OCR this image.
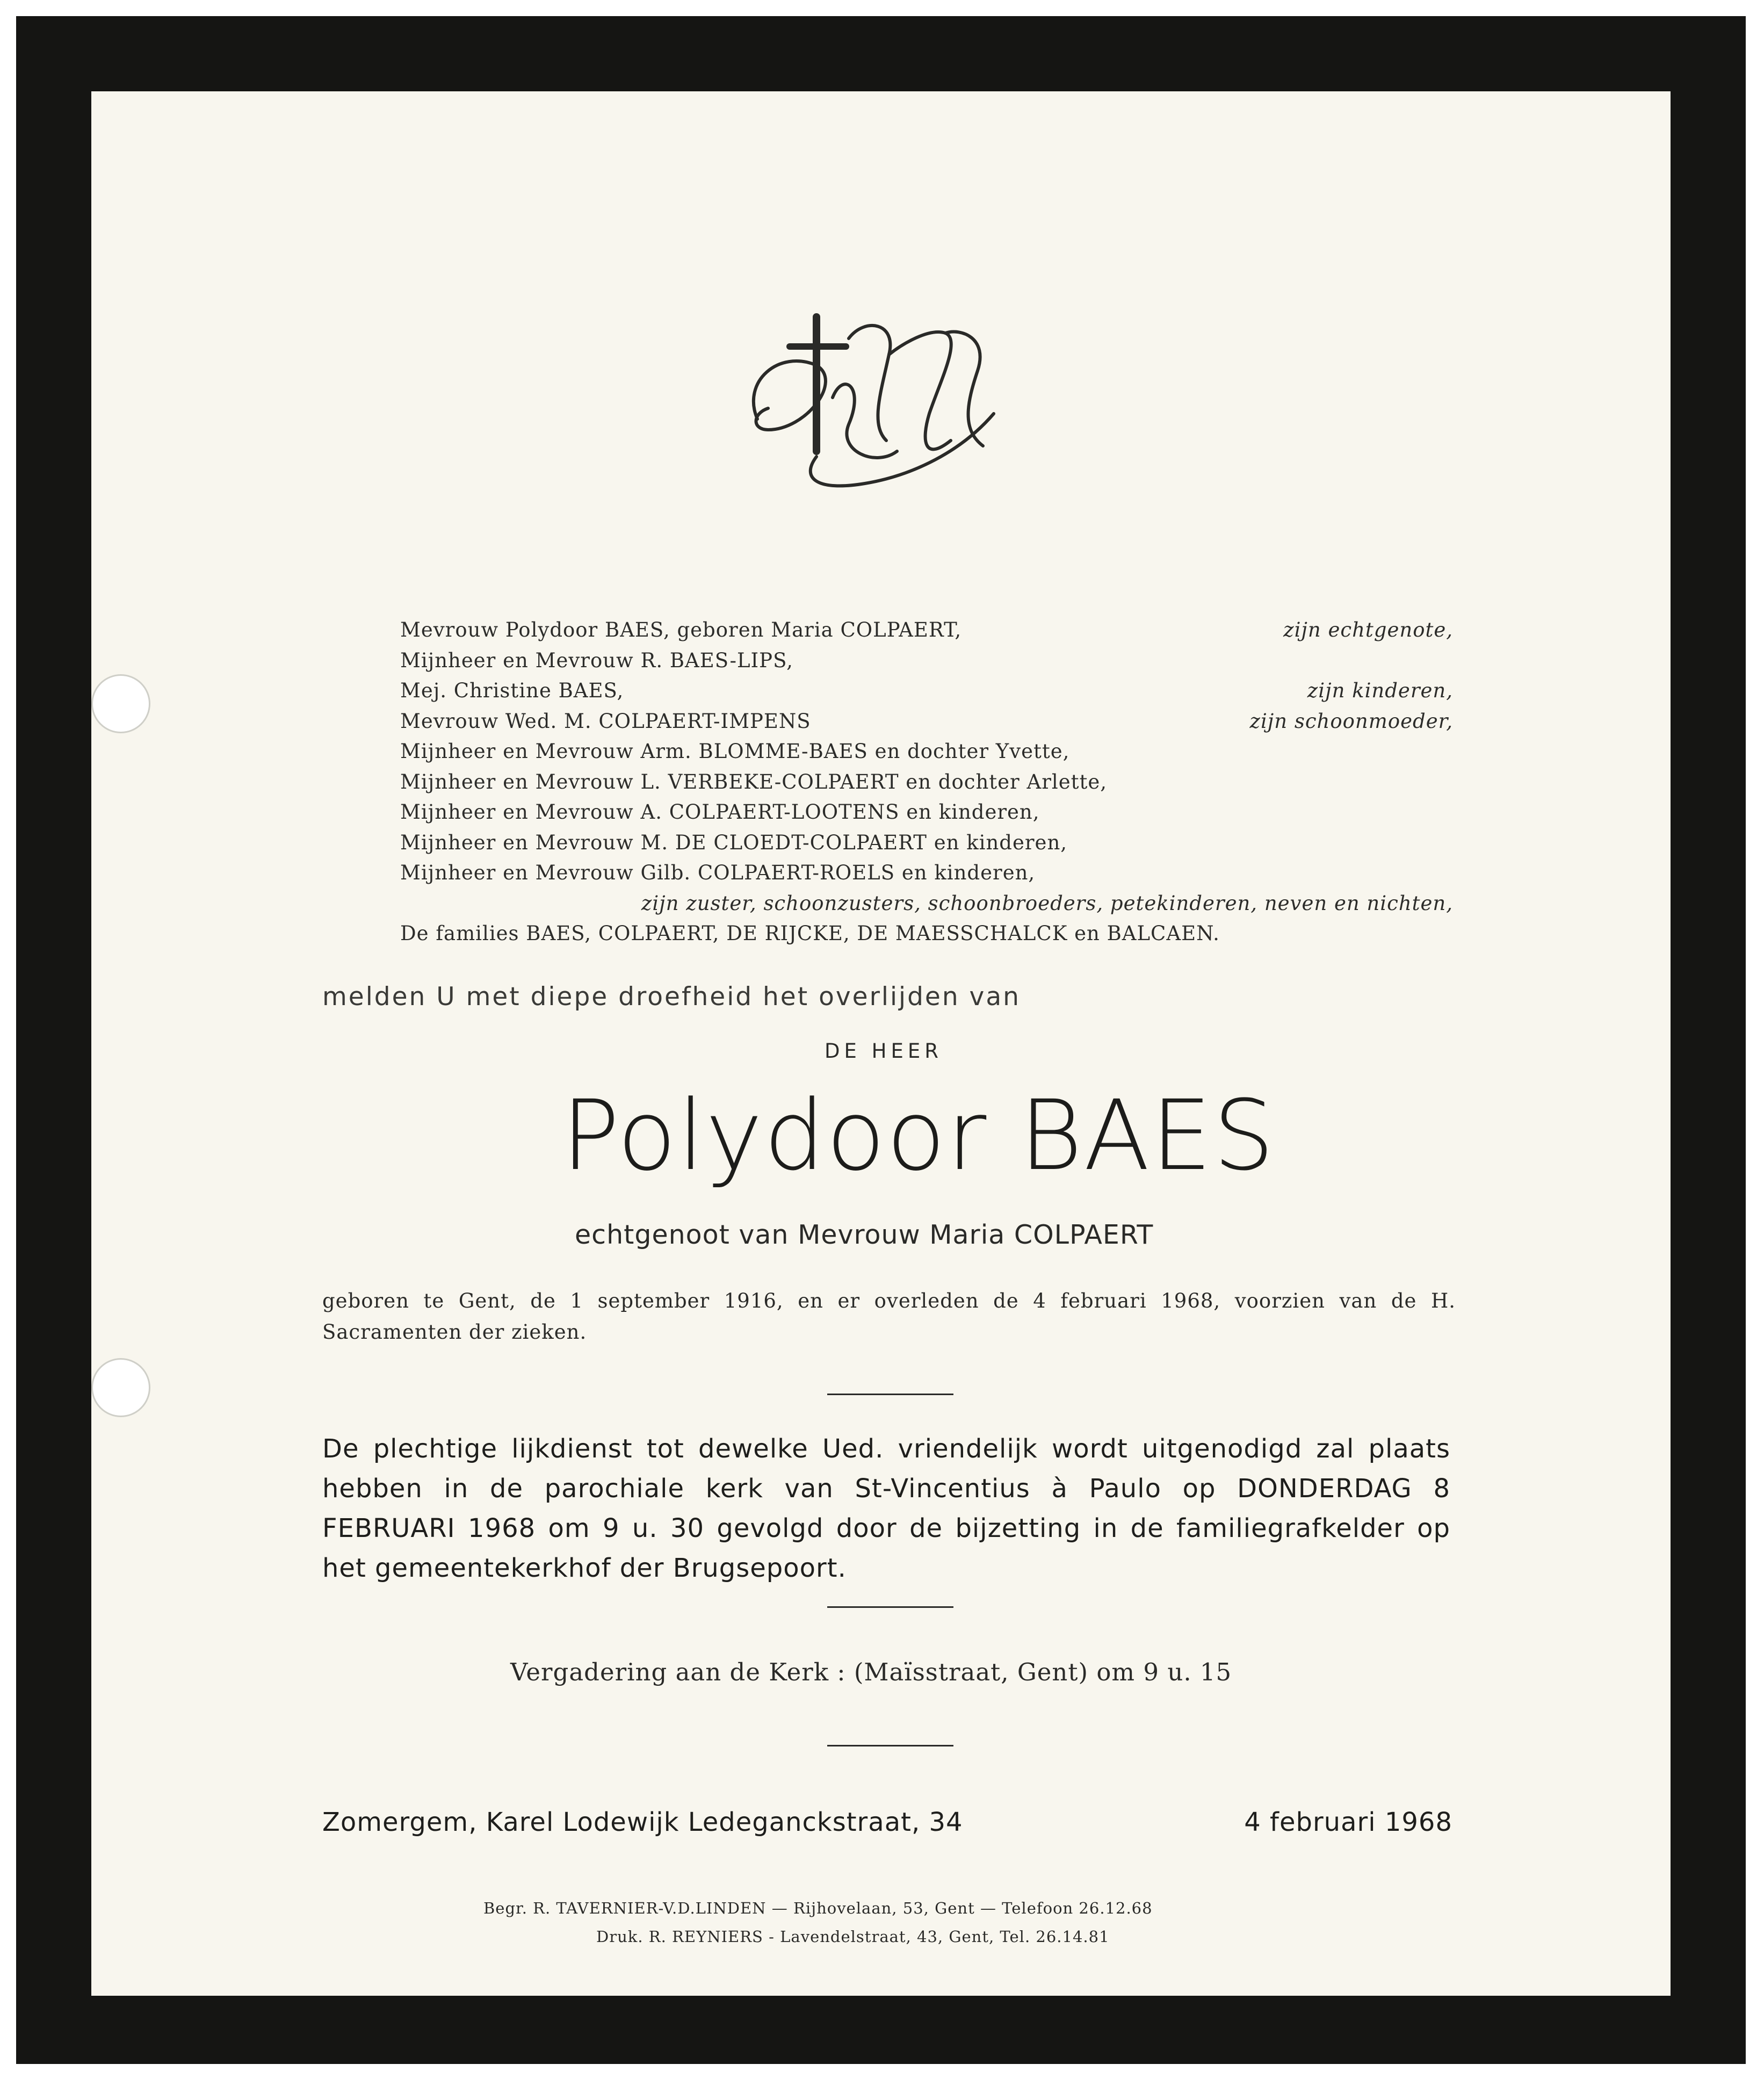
Mevrouw Polydoor BAES, geboren Maria COLPAERT,	zijn echtgenote,
Mijnheer en Mevrouw R. BAES-LIPS,
Mej. Christine BAES,	zijn kinderen,
Mevrouw Wed. M. COLPAERT-IMPENS	zijn schoonmoeder,
Mijnheer en Mevrouw Arm. BLOMME-BAES en dochter Yvette,
Mijnheer en Mevrouw L. VERBEKE-COLPAERT en dochter Arlette,
Mijnheer en Mevrouw A. COLPAERT-LOOTENS en kinderen,
Mijnheer en Mevrouw M. DE CLOEDT-COLPAERT en kinderen,
Mijnheer en Mevrouw Gilb. COLPAERT-ROELS en kinderen,
zijn zuster, schoonzusters, schoonbroeders, petekinderen, neven en nichten,
De families BAES, COLPAERT, DE RIJCKE, DE MAESSCHALCK en BALCAEN.
melden U met diepe droefheid het overlijden van
DE HEER
Polydoor BAES
echtgenoot van Mevrouw Maria COLPAERT
geboren te Gent, de 1 september 1916, en er overleden de 4 februari 1968, voorzien van de H. Sacramenten der zieken.
De plechtige lijkdienst tot dewelke Ued. vriendelijk wordt uitgenodigd zal plaats hebben in de parochiale kerk van St-Vincentius à Paulo op DONDERDAG 8 FEBRUARI 1968 om 9 u. 30 gevolgd door de bijzetting in de familiegrafkelder op het gemeentekerkhof der Brugsepoort.
Vergadering aan de Kerk : (Maïsstraat, Gent) om 9 u. 15
Zomergem, Karel Lodewijk Ledeganckstraat, 34	4 februari 1968
Begr. R. TAVERNIER-V.D.LINDEN — Rijhovelaan, 53, Gent — Telefoon 26.12.68
Druk. R. REYNIERS - Lavendelstraat, 43, Gent, Tel. 26.14.81
